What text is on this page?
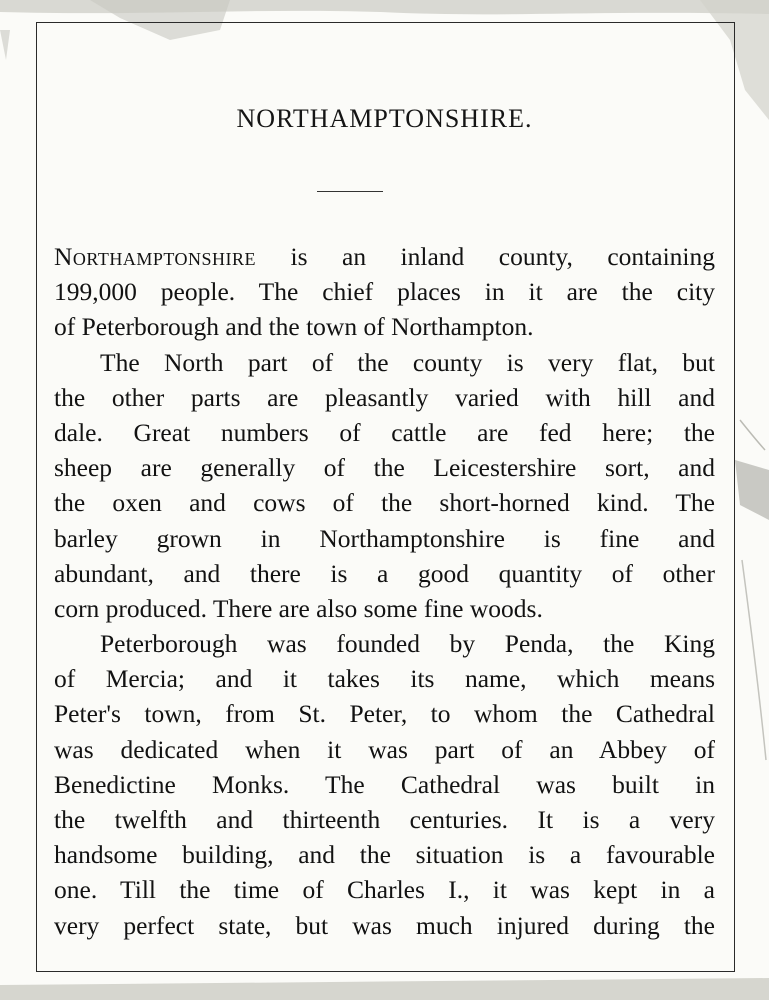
NORTHAMPTONSHIRE.
Northamptonshire is an inland county, containing
199,000 people. The chief places in it are the city
of Peterborough and the town of Northampton.
The North part of the county is very flat, but
the other parts are pleasantly varied with hill and
dale. Great numbers of cattle are fed here; the
sheep are generally of the Leicestershire sort, and
the oxen and cows of the short-horned kind. The
barley grown in Northamptonshire is fine and
abundant, and there is a good quantity of other
corn produced. There are also some fine woods.
Peterborough was founded by Penda, the King
of Mercia; and it takes its name, which means
Peter's town, from St. Peter, to whom the Cathedral
was dedicated when it was part of an Abbey of
Benedictine Monks. The Cathedral was built in
the twelfth and thirteenth centuries. It is a very
handsome building, and the situation is a favourable
one. Till the time of Charles I., it was kept in a
very perfect state, but was much injured during the
